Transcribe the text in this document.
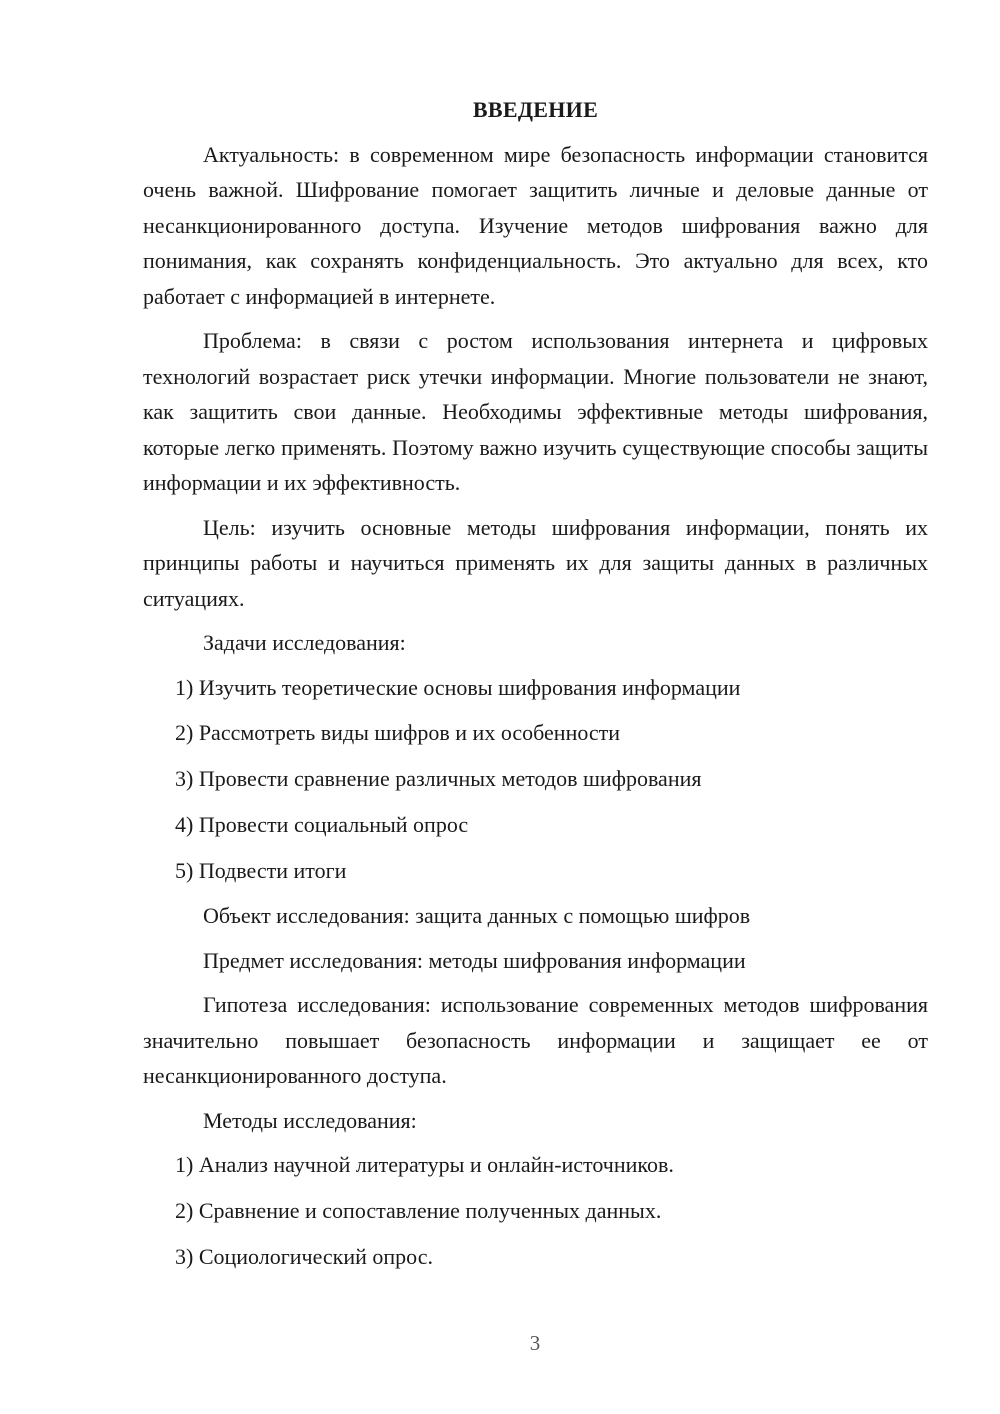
ВВЕДЕНИЕ

Актуальность: в современном мире безопасность информации становится очень важной. Шифрование помогает защитить личные и деловые данные от несанкционированного доступа. Изучение методов шифрования важно для понимания, как сохранять конфиденциальность. Это актуально для всех, кто работает с информацией в интернете.

Проблема: в связи с ростом использования интернета и цифровых технологий возрастает риск утечки информации. Многие пользователи не знают, как защитить свои данные. Необходимы эффективные методы шифрования, которые легко применять. Поэтому важно изучить существующие способы защиты информации и их эффективность.

Цель: изучить основные методы шифрования информации, понять их принципы работы и научиться применять их для защиты данных в различных ситуациях.

Задачи исследования:
1) Изучить теоретические основы шифрования информации
2) Рассмотреть виды шифров и их особенности
3) Провести сравнение различных методов шифрования
4) Провести социальный опрос
5) Подвести итоги
Объект исследования: защита данных с помощью шифров
Предмет исследования: методы шифрования информации

Гипотеза исследования: использование современных методов шифрования значительно повышает безопасность информации и защищает ее от несанкционированного доступа.

Методы исследования:
1) Анализ научной литературы и онлайн-источников.
2) Сравнение и сопоставление полученных данных.
3) Социологический опрос.
3
